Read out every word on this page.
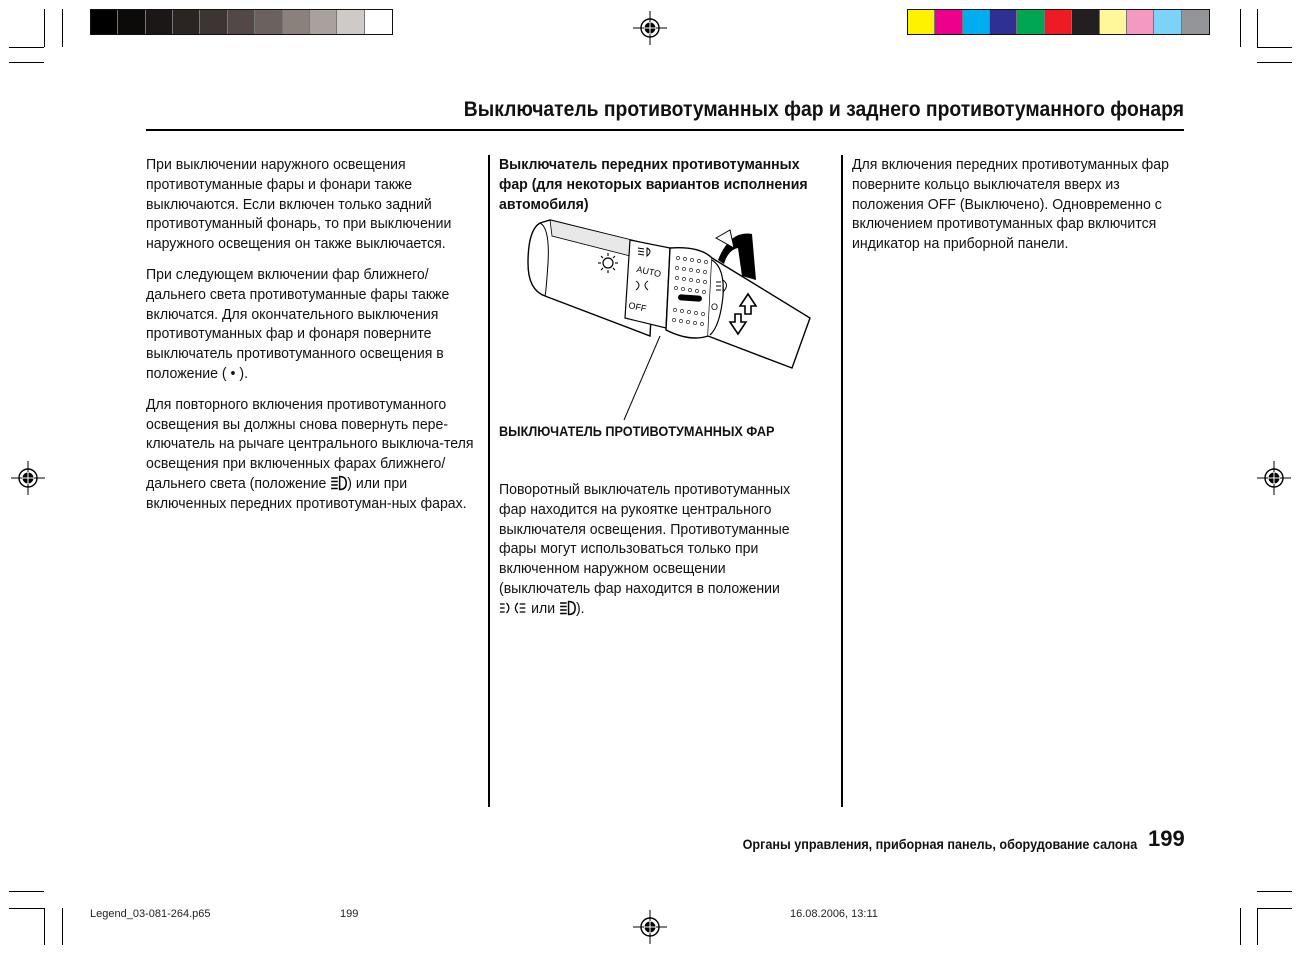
Выключатель противотуманных фар и заднего противотуманного фонаря

При выключении наружного освещения противотуманные фары и фонари также выключаются. Если включен только задний противотуманный фонарь, то при выключении наружного освещения он также выключается.

При следующем включении фар ближнего/дальнего света противотуманные фары также включатся. Для окончательного выключения противотуманных фар и фонаря поверните выключатель противотуманного освещения в положение ( • ).

Для повторного включения противотуманного освещения вы должны снова повернуть пере-ключатель на рычаге центрального выключа-теля освещения при включенных фарах ближнего/дальнего света (положение ) или при включенных передних противотуман-ных фарах.

Выключатель передних противотуманных фар (для некоторых вариантов исполнения автомобиля)

AUTO
OFF	O
ВЫКЛЮЧАТЕЛЬ ПРОТИВОТУМАННЫХ ФАР

Поворотный выключатель противотуманных фар находится на рукоятке центрального выключателя освещения. Противотуманные фары могут использоваться только при включенном наружном освещении (выключатель фар находится в положении
или ).

Для включения передних противотуманных фар поверните кольцо выключателя вверх из положения OFF (Выключено). Одновременно с включением противотуманных фар включится индикатор на приборной панели.

Органы управления, приборная панель, оборудование салона 199
Legend_03-081-264.p65	199	16.08.2006, 13:11
